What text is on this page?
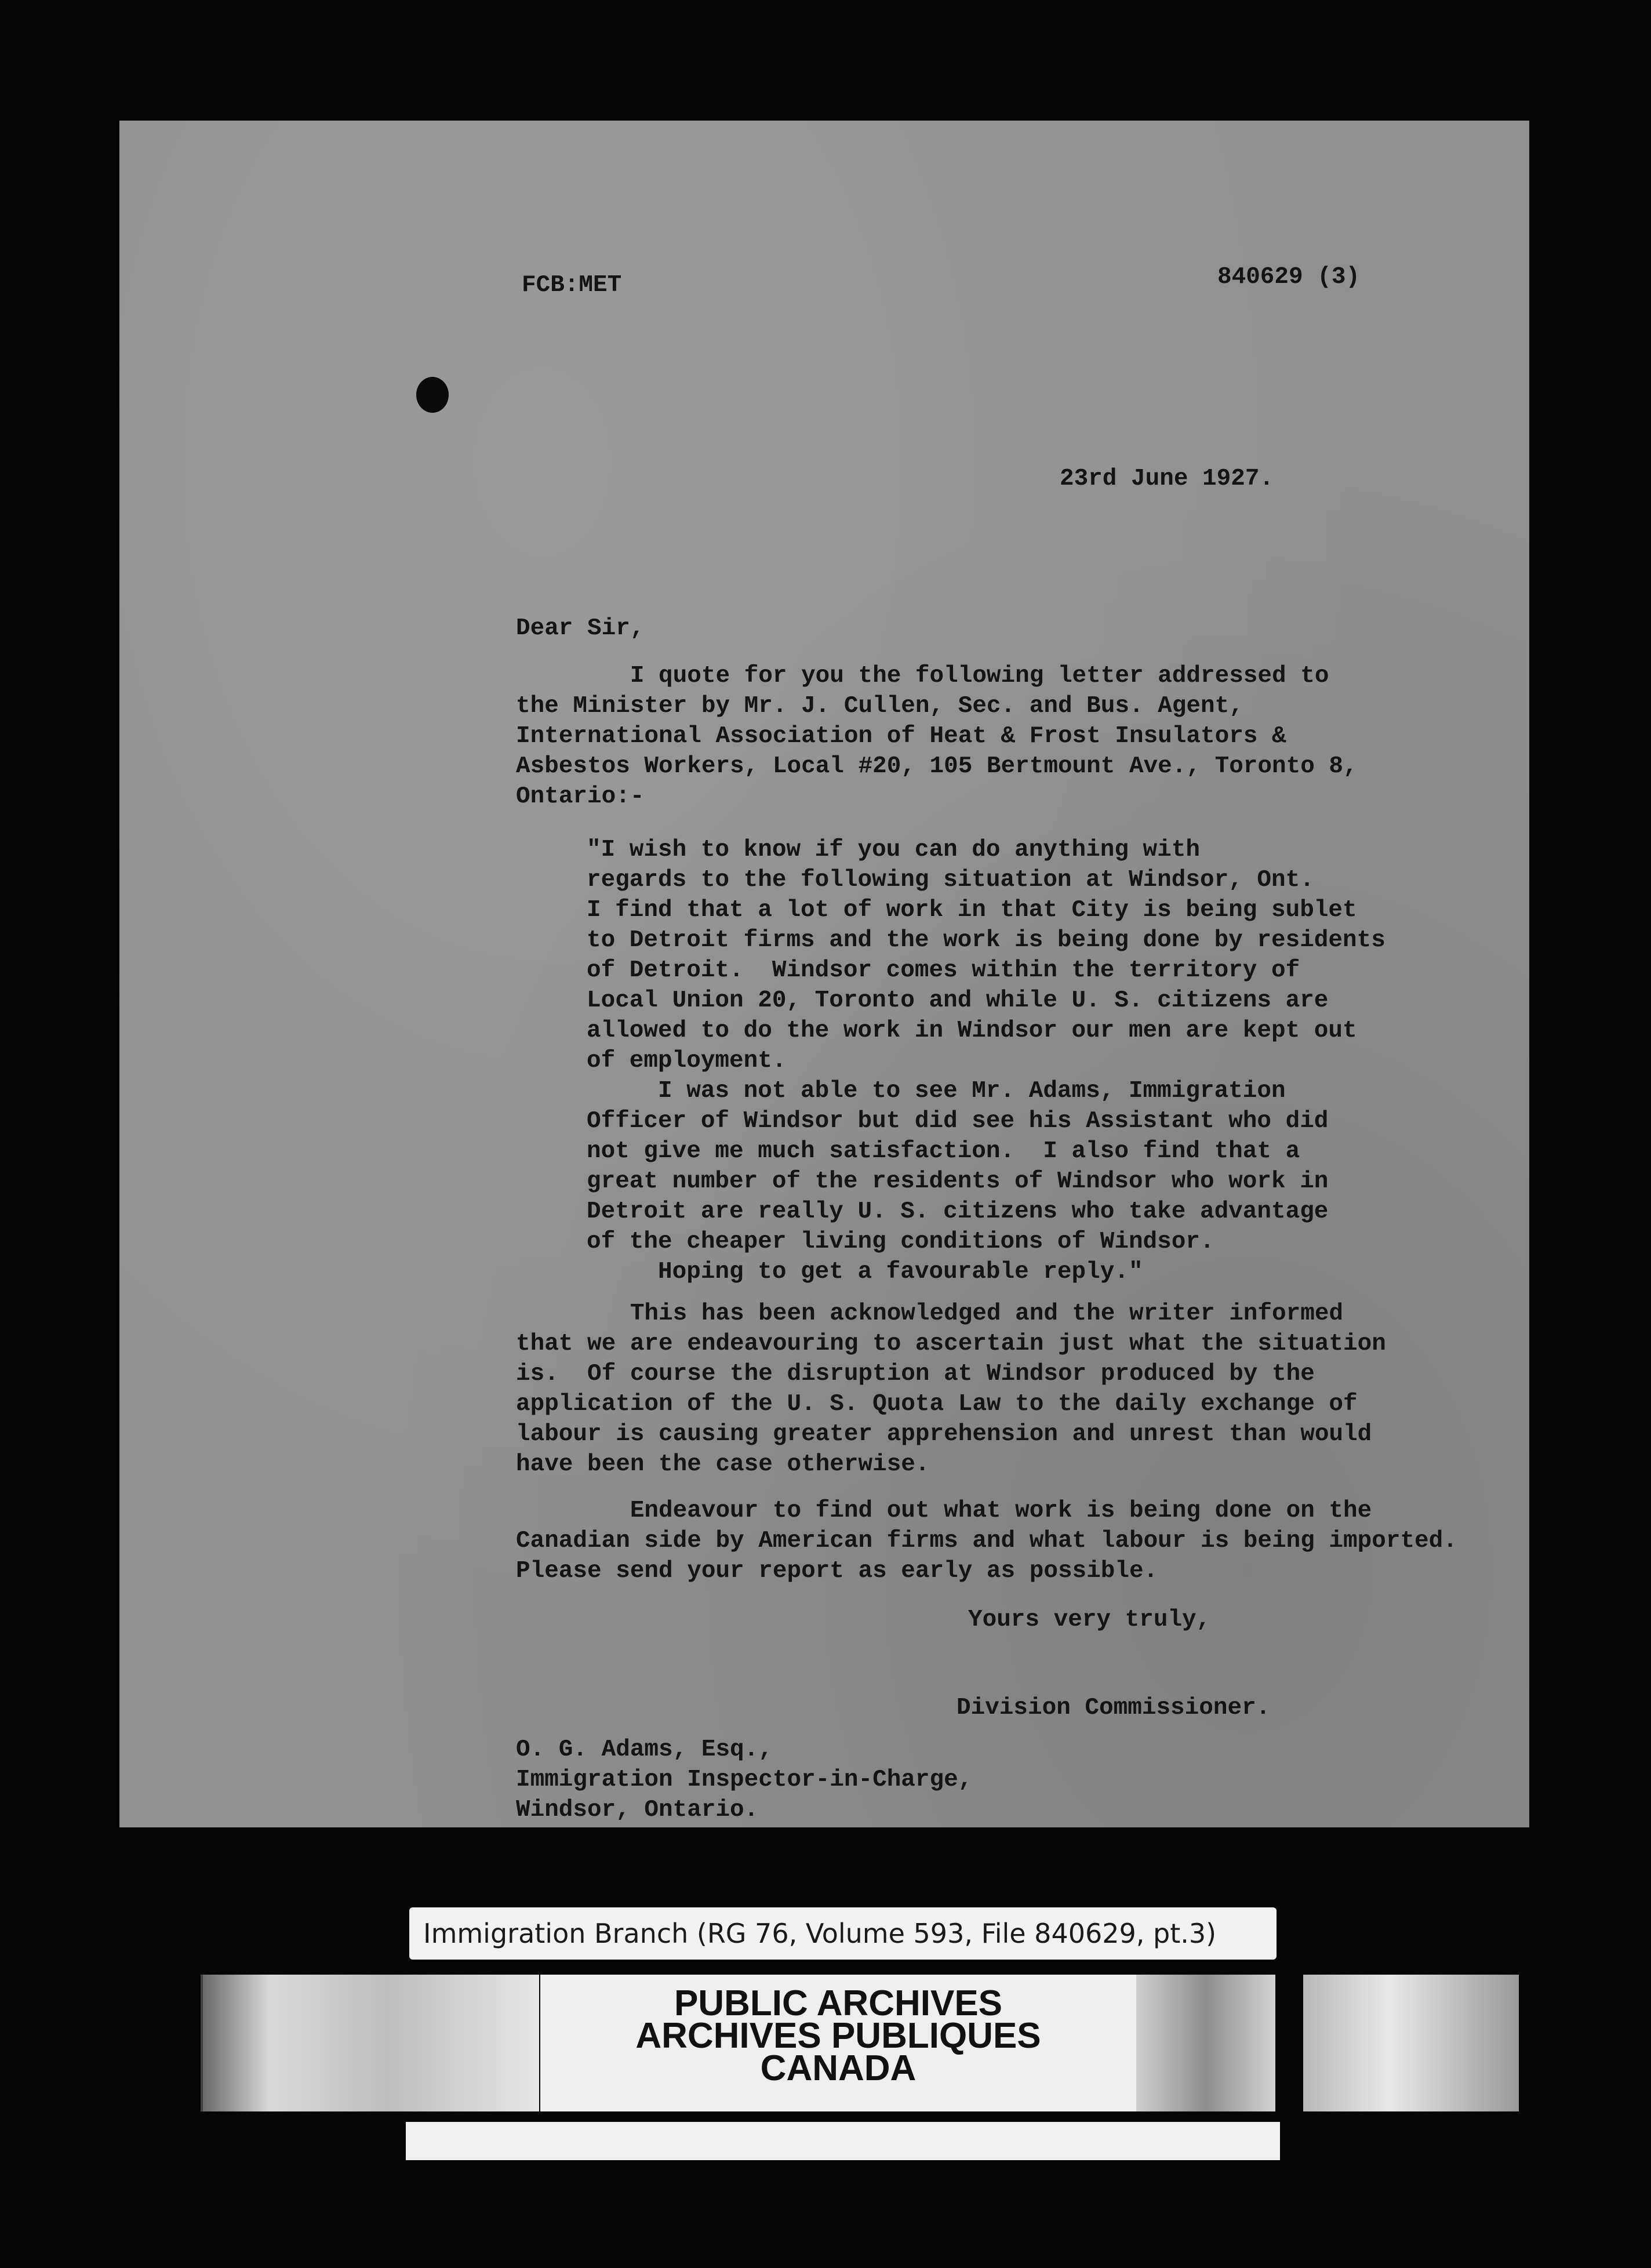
FCB:MET	840629 (3)
23rd June 1927.
Dear Sir,
I quote for you the following letter addressed to
the Minister by Mr. J. Cullen, Sec. and Bus. Agent,
International Association of Heat & Frost Insulators &
Asbestos Workers, Local #20, 105 Bertmount Ave., Toronto 8,
Ontario:-
"I wish to know if you can do anything with
regards to the following situation at Windsor, Ont.
I find that a lot of work in that City is being sublet
to Detroit firms and the work is being done by residents
of Detroit.  Windsor comes within the territory of
Local Union 20, Toronto and while U. S. citizens are
allowed to do the work in Windsor our men are kept out
of employment.
I was not able to see Mr. Adams, Immigration
Officer of Windsor but did see his Assistant who did
not give me much satisfaction.  I also find that a
great number of the residents of Windsor who work in
Detroit are really U. S. citizens who take advantage
of the cheaper living conditions of Windsor.
Hoping to get a favourable reply."
This has been acknowledged and the writer informed
that we are endeavouring to ascertain just what the situation
is.  Of course the disruption at Windsor produced by the
application of the U. S. Quota Law to the daily exchange of
labour is causing greater apprehension and unrest than would
have been the case otherwise.
Endeavour to find out what work is being done on the
Canadian side by American firms and what labour is being imported.
Please send your report as early as possible.
Yours very truly,
Division Commissioner.
O. G. Adams, Esq.,
Immigration Inspector-in-Charge,
Windsor, Ontario.
Immigration Branch (RG 76, Volume 593, File 840629, pt.3)
PUBLIC ARCHIVES
ARCHIVES PUBLIQUES
CANADA
